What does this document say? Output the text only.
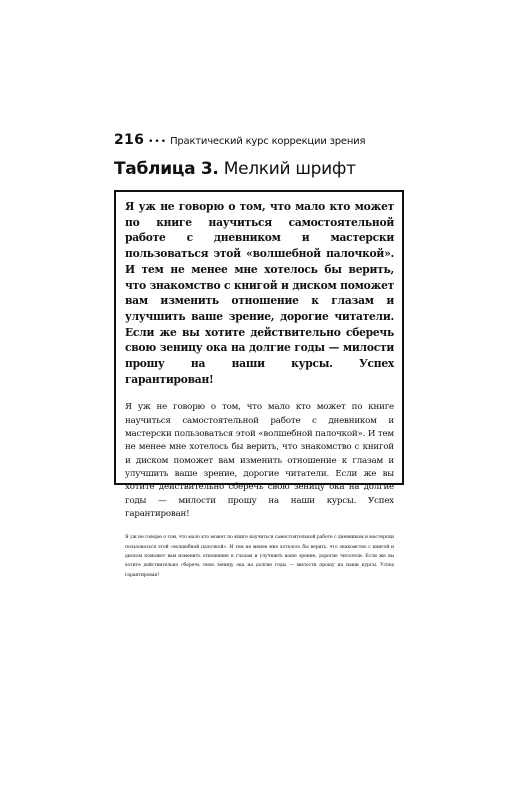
216 ••• Практический курс коррекции зрения
Таблица 3. Мелкий шрифт

Я уж не говорю о том, что мало кто может по книге научиться самостоятельной работе с дневником и мастерски пользоваться этой «волшебной палочкой». И тем не менее мне хотелось бы верить, что знакомство с книгой и диском поможет вам изменить отношение к глазам и улучшить ваше зрение, дорогие читатели. Если же вы хотите действительно сберечь свою зеницу ока на долгие годы — милости прошу на наши курсы. Успех гарантирован!

Я уж не говорю о том, что мало кто может по книге научиться самостоятельной работе с дневником и мастерски пользоваться этой «волшебной палочкой». И тем не менее мне хотелось бы верить, что знакомство с книгой и диском поможет вам изменить отношение к глазам и улучшить ваше зрение, дорогие читатели. Если же вы хотите действительно сберечь свою зеницу ока на долгие годы — милости прошу на наши курсы. Успех гарантирован!

Я уж не говорю о том, что мало кто может по книге научиться самостоятельной работе с дневником и мастерски пользоваться этой «волшебной палочкой». И тем не менее мне хотелось бы верить, что знакомство с книгой и диском поможет вам изменить отношение к глазам и улучшить ваше зрение, дорогие читатели. Если же вы хотите действительно сберечь свою зеницу ока на долгие годы — милости прошу на наши курсы. Успех гарантирован!
